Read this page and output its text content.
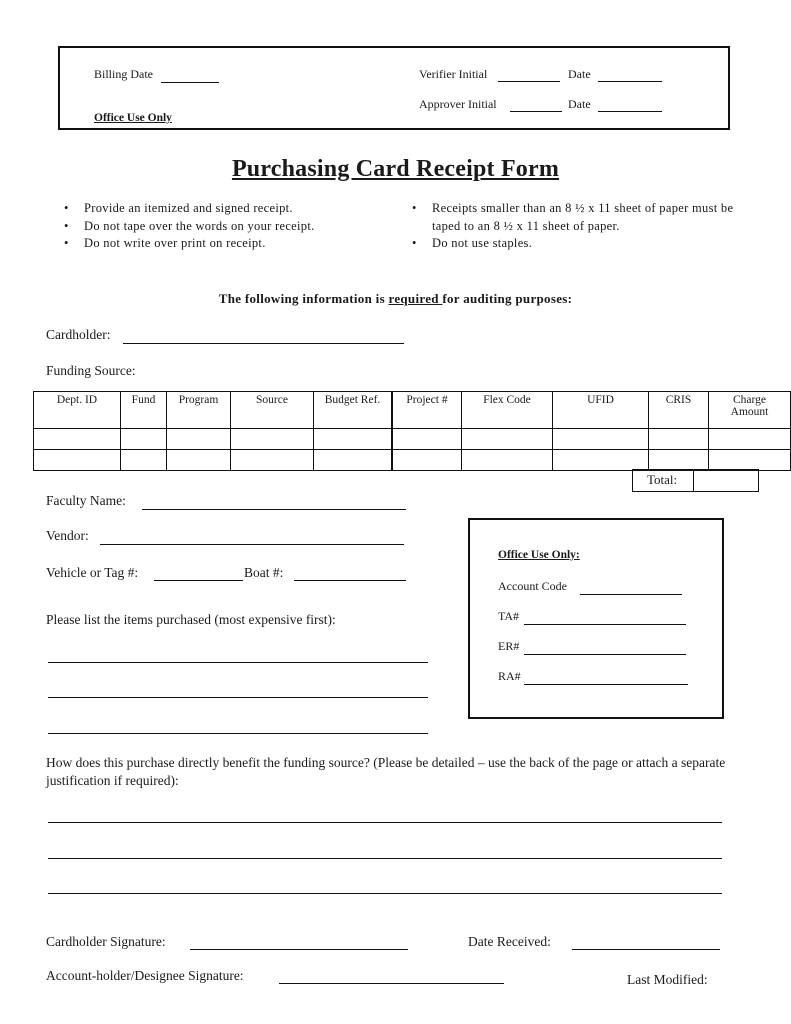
Billing Date
Office Use Only
Verifier Initial	Date
Approver Initial	Date
Purchasing Card Receipt Form
• Provide an itemized and signed receipt.
• Do not tape over the words on your receipt.
• Do not write over print on receipt.
• Receipts smaller than an 8 ½ x 11 sheet of paper must be taped to an 8 ½ x 11 sheet of paper.
• Do not use staples.
The following information is required for auditing purposes:
Cardholder:
Funding Source:
Dept. ID	Fund	Program	Source	Budget Ref.	Project #	Flex Code	UFID	CRIS	Charge Amount

Total:
Faculty Name:
Vendor:
Vehicle or Tag #:	Boat #:
Please list the items purchased (most expensive first):
Office Use Only:
Account Code
TA#
ER#
RA#
How does this purchase directly benefit the funding source? (Please be detailed – use the back of the page or attach a separate justification if required):
Cardholder Signature:	Date Received:
Account-holder/Designee Signature:	Last Modified:
